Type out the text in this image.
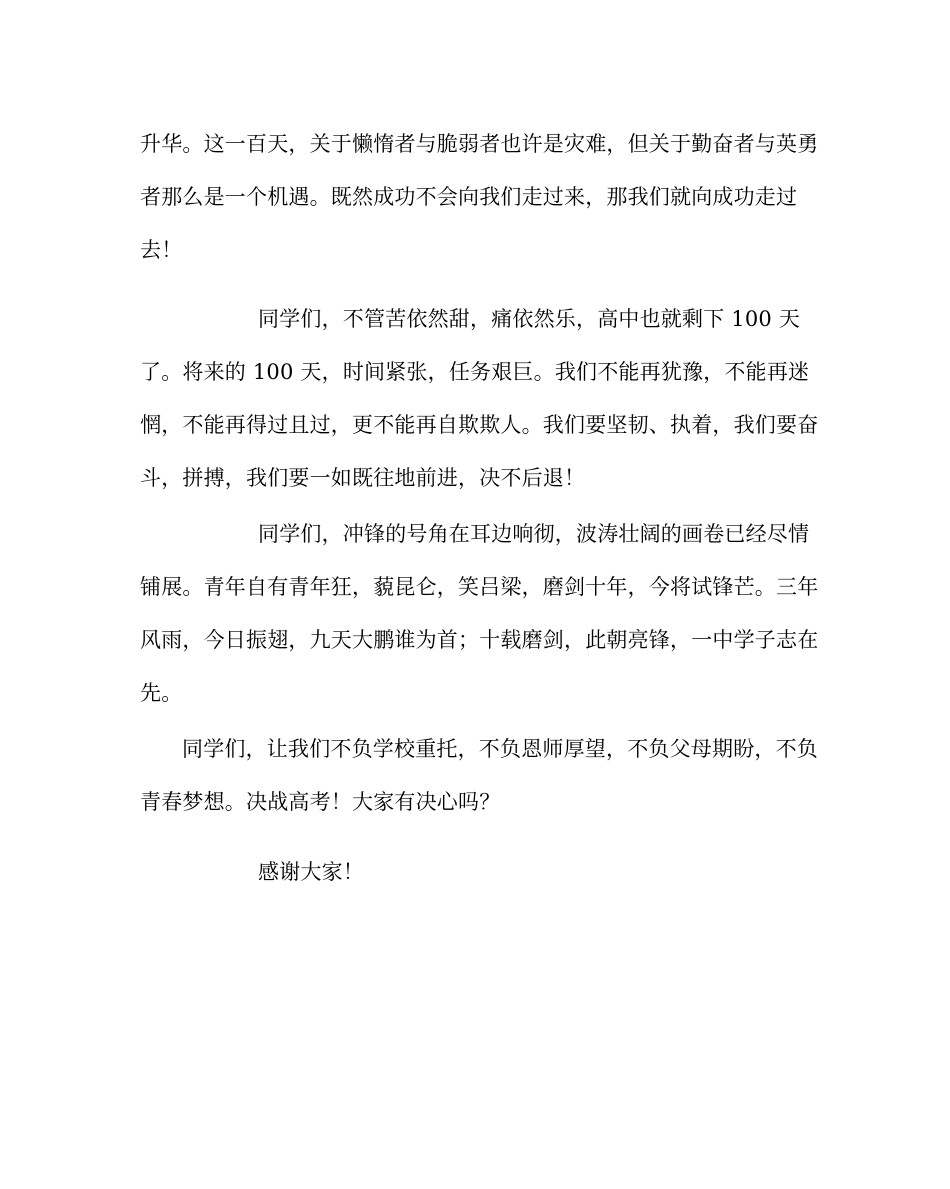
升华。这一百天，关于懒惰者与脆弱者也许是灾难，但关于勤奋者与英勇者那么是一个机遇。既然成功不会向我们走过来，那我们就向成功走过去！

同学们，不管苦依然甜，痛依然乐，高中也就剩下 100 天了。将来的 100 天，时间紧张，任务艰巨。我们不能再犹豫，不能再迷惘，不能再得过且过，更不能再自欺欺人。我们要坚韧、执着，我们要奋斗，拼搏，我们要一如既往地前进，决不后退！

同学们，冲锋的号角在耳边响彻，波涛壮阔的画卷已经尽情铺展。青年自有青年狂，藐昆仑，笑吕梁，磨剑十年，今将试锋芒。三年风雨，今日振翅，九天大鹏谁为首；十载磨剑，此朝亮锋，一中学子志在先。

同学们，让我们不负学校重托，不负恩师厚望，不负父母期盼，不负青春梦想。决战高考！大家有决心吗？

感谢大家！
